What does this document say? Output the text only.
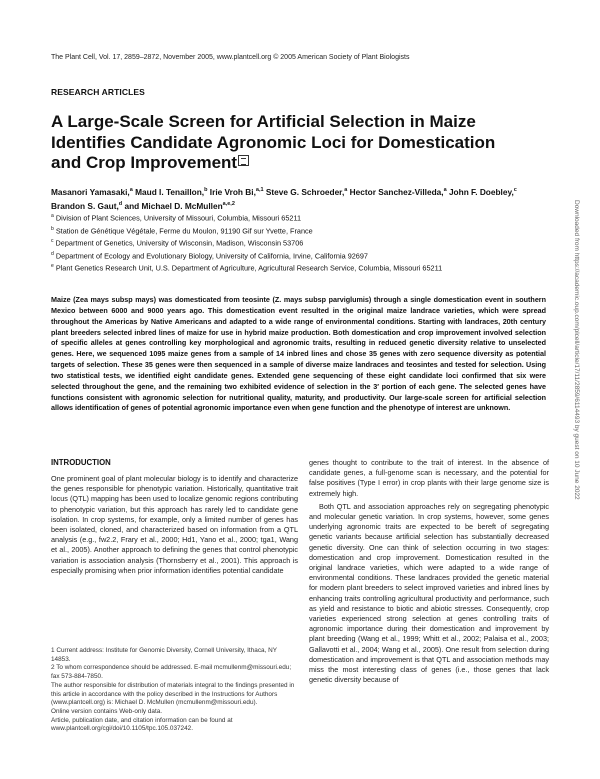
The Plant Cell, Vol. 17, 2859–2872, November 2005, www.plantcell.org © 2005 American Society of Plant Biologists
RESEARCH ARTICLES
A Large-Scale Screen for Artificial Selection in Maize Identifies Candidate Agronomic Loci for Domestication and Crop Improvement
Masanori Yamasaki,$^a$ Maud I. Tenaillon,$^b$ Irie Vroh Bi,$^{a,1}$ Steve G. Schroeder,$^a$ Hector Sanchez-Villeda,$^a$ John F. Doebley,$^c$ Brandon S. Gaut,$^d$ and Michael D. McMullen$^{a,e,2}$
$^a$ Division of Plant Sciences, University of Missouri, Columbia, Missouri 65211
$^b$ Station de Génétique Végétale, Ferme du Moulon, 91190 Gif sur Yvette, France
$^c$ Department of Genetics, University of Wisconsin, Madison, Wisconsin 53706
$^d$ Department of Ecology and Evolutionary Biology, University of California, Irvine, California 92697
$^e$ Plant Genetics Research Unit, U.S. Department of Agriculture, Agricultural Research Service, Columbia, Missouri 65211

Maize (Zea mays subsp mays) was domesticated from teosinte (Z. mays subsp parviglumis) through a single domestication event in southern Mexico between 6000 and 9000 years ago. This domestication event resulted in the original maize landrace varieties, which were spread throughout the Americas by Native Americans and adapted to a wide range of environmental conditions. Starting with landraces, 20th century plant breeders selected inbred lines of maize for use in hybrid maize production. Both domestication and crop improvement involved selection of specific alleles at genes controlling key morphological and agronomic traits, resulting in reduced genetic diversity relative to unselected genes. Here, we sequenced 1095 maize genes from a sample of 14 inbred lines and chose 35 genes with zero sequence diversity as potential targets of selection. These 35 genes were then sequenced in a sample of diverse maize landraces and teosintes and tested for selection. Using two statistical tests, we identified eight candidate genes. Extended gene sequencing of these eight candidate loci confirmed that six were selected throughout the gene, and the remaining two exhibited evidence of selection in the 3′ portion of each gene. The selected genes have functions consistent with agronomic selection for nutritional quality, maturity, and productivity. Our large-scale screen for artificial selection allows identification of genes of potential agronomic importance even when gene function and the phenotype of interest are unknown.

INTRODUCTION

One prominent goal of plant molecular biology is to identify and characterize the genes responsible for phenotypic variation. Historically, quantitative trait locus (QTL) mapping has been used to localize genomic regions contributing to phenotypic variation, but this approach has rarely led to candidate gene isolation. In crop systems, for example, only a limited number of genes has been isolated, cloned, and characterized based on information from a QTL analysis (e.g., fw2.2, Frary et al., 2000; Hd1, Yano et al., 2000; tga1, Wang et al., 2005). Another approach to defining the genes that control phenotypic variation is association analysis (Thornsberry et al., 2001). This approach is especially promising when prior information identifies potential candidate

1 Current address: Institute for Genomic Diversity, Cornell University, Ithaca, NY 14853.
2 To whom correspondence should be addressed. E-mail mcmullenm@missouri.edu; fax 573-884-7850.
The author responsible for distribution of materials integral to the findings presented in this article in accordance with the policy described in the Instructions for Authors (www.plantcell.org) is: Michael D. McMullen (mcmullenm@missouri.edu).
Online version contains Web-only data.
Article, publication date, and citation information can be found at www.plantcell.org/cgi/doi/10.1105/tpc.105.037242.

genes thought to contribute to the trait of interest. In the absence of candidate genes, a full-genome scan is necessary, and the potential for false positives (Type I error) in crop plants with their large genome size is extremely high.

Both QTL and association approaches rely on segregating phenotypic and molecular genetic variation. In crop systems, however, some genes underlying agronomic traits are expected to be bereft of segregating genetic variants because artificial selection has substantially decreased genetic diversity. One can think of selection occurring in two stages: domestication and crop improvement. Domestication resulted in the original landrace varieties, which were adapted to a wide range of environmental conditions. These landraces provided the genetic material for modern plant breeders to select improved varieties and inbred lines by enhancing traits controlling agricultural productivity and performance, such as yield and resistance to biotic and abiotic stresses. Consequently, crop varieties experienced strong selection at genes controlling traits of agronomic importance during their domestication and improvement by plant breeding (Wang et al., 1999; Whitt et al., 2002; Palaisa et al., 2003; Gallavotti et al., 2004; Wang et al., 2005). One result from selection during domestication and improvement is that QTL and association methods may miss the most interesting class of genes (i.e., those genes that lack genetic diversity because of

Downloaded from https://academic.oup.com/plcell/article/17/11/2859/6114493 by guest on 10 June 2022
